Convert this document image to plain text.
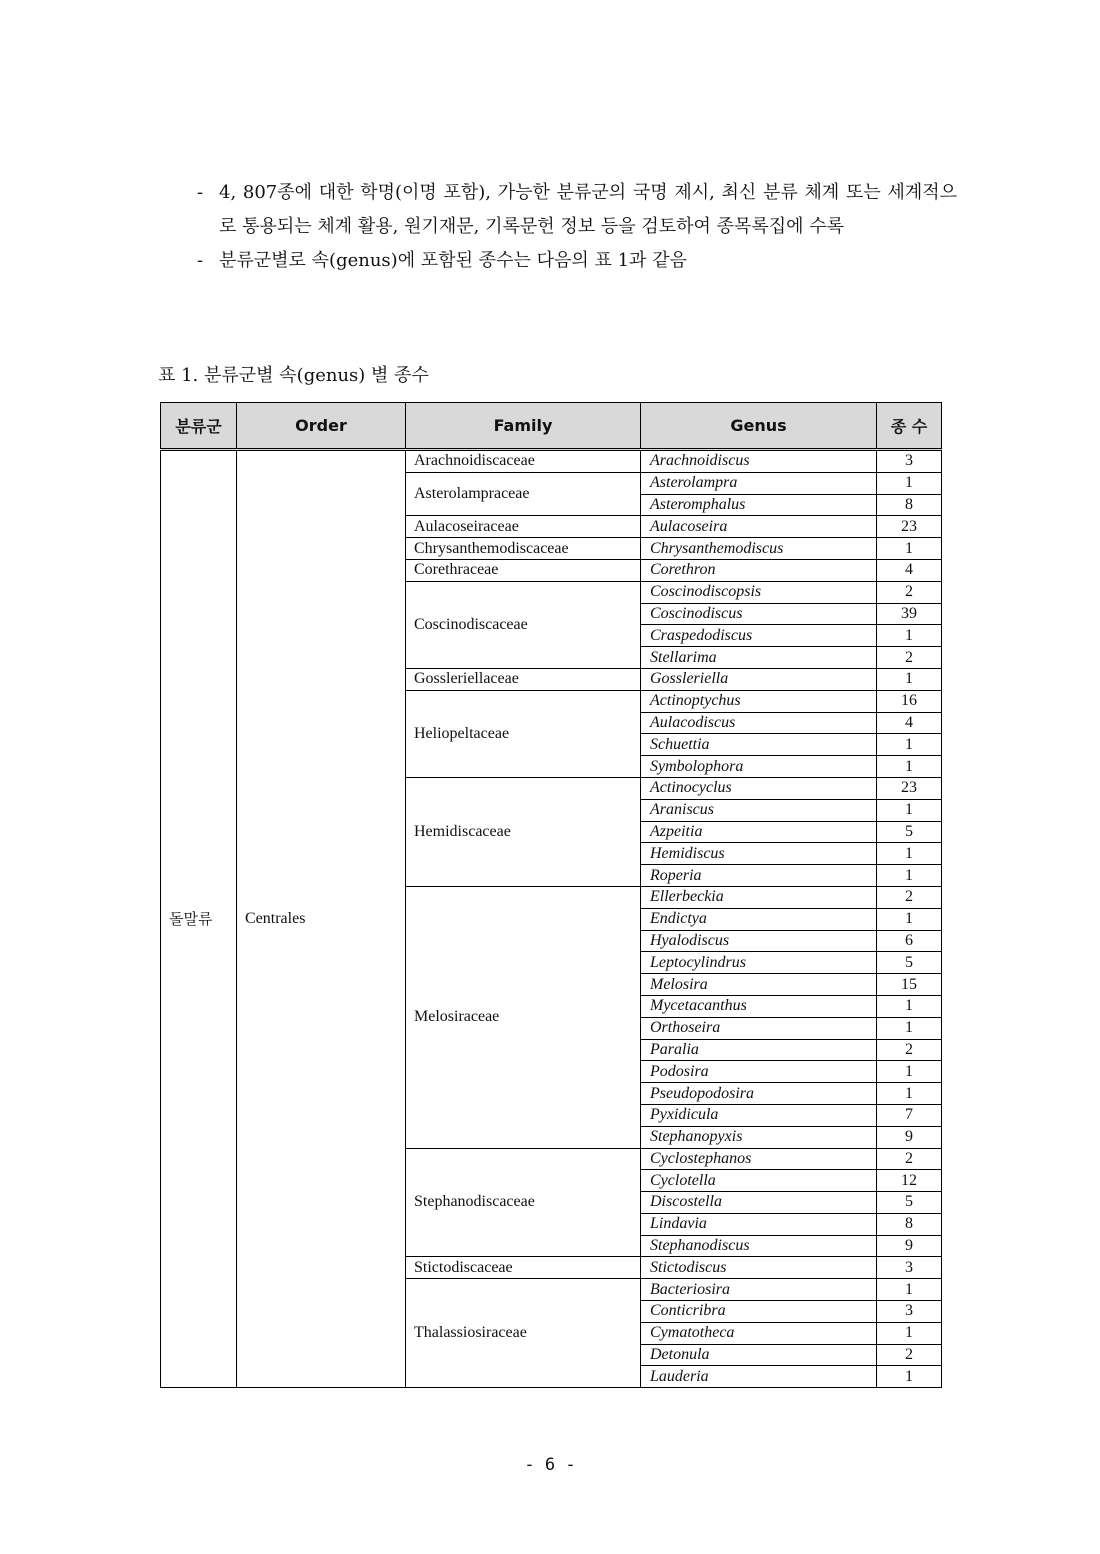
- 4, 807종에 대한 학명(이명 포함), 가능한 분류군의 국명 제시, 최신 분류 체계 또는 세계적으로 통용되는 체계 활용, 원기재문, 기록문헌 정보 등을 검토하여 종목록집에 수록

- 분류군별로 속(genus)에 포함된 종수는 다음의 표 1과 같음

표 1. 분류군별 속(genus) 별 종수
분류군	Order	Family	Genus	종 수
돌말류	Centrales	Arachnoidiscaceae	Arachnoidiscus	3
		Asterolampraceae	Asterolampra	1
			Asteromphalus	8
		Aulacoseiraceae	Aulacoseira	23
		Chrysanthemodiscaceae	Chrysanthemodiscus	1
		Corethraceae	Corethron	4
		Coscinodiscaceae	Coscinodiscopsis	2
			Coscinodiscus	39
			Craspedodiscus	1
			Stellarima	2
		Gossleriellaceae	Gossleriella	1
		Heliopeltaceae	Actinoptychus	16
			Aulacodiscus	4
			Schuettia	1
			Symbolophora	1
		Hemidiscaceae	Actinocyclus	23
			Araniscus	1
			Azpeitia	5
			Hemidiscus	1
			Roperia	1
		Melosiraceae	Ellerbeckia	2
			Endictya	1
			Hyalodiscus	6
			Leptocylindrus	5
			Melosira	15
			Mycetacanthus	1
			Orthoseira	1
			Paralia	2
			Podosira	1
			Pseudopodosira	1
			Pyxidicula	7
			Stephanopyxis	9
		Stephanodiscaceae	Cyclostephanos	2
			Cyclotella	12
			Discostella	5
			Lindavia	8
			Stephanodiscus	9
		Stictodiscaceae	Stictodiscus	3
		Thalassiosiraceae	Bacteriosira	1
			Conticribra	3
			Cymatotheca	1
			Detonula	2
			Lauderia	1
- 6 -
